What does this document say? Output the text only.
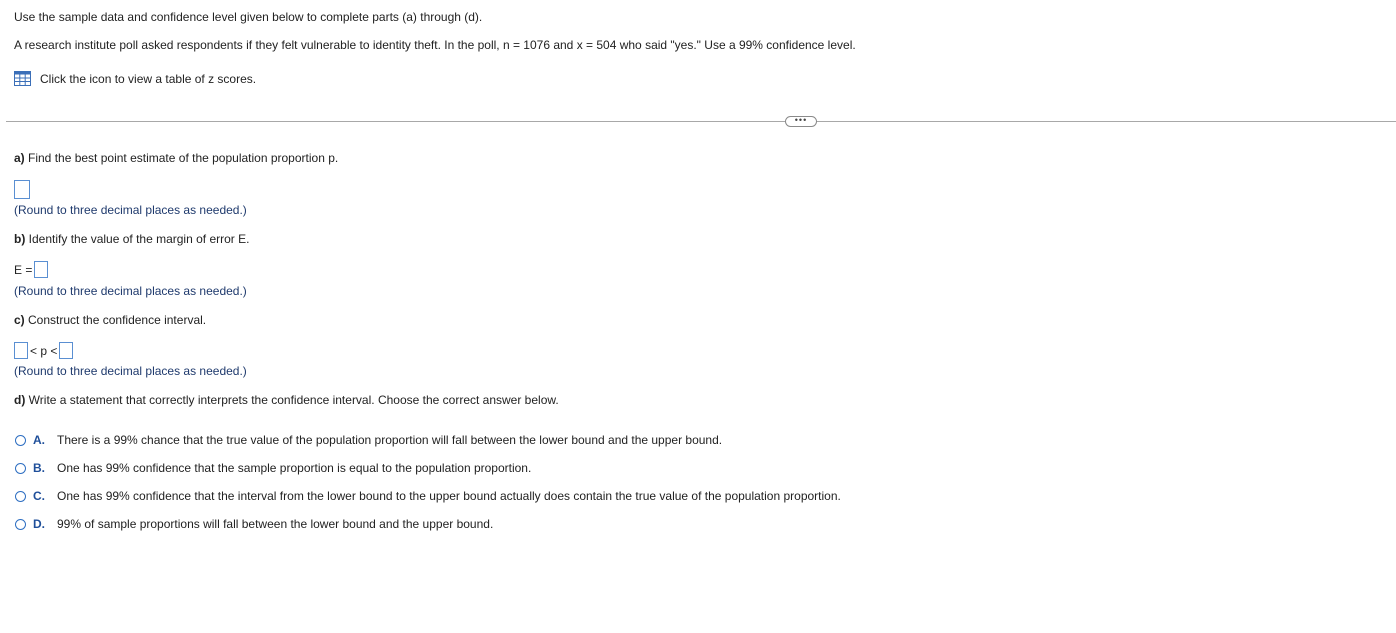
Use the sample data and confidence level given below to complete parts (a) through (d).
A research institute poll asked respondents if they felt vulnerable to identity theft. In the poll, n = 1076 and x = 504 who said "yes." Use a 99% confidence level.
Click the icon to view a table of z scores.
•••
a) Find the best point estimate of the population proportion p.
(Round to three decimal places as needed.)
b) Identify the value of the margin of error E.
E =
(Round to three decimal places as needed.)
c) Construct the confidence interval.
< p <
(Round to three decimal places as needed.)
d) Write a statement that correctly interprets the confidence interval. Choose the correct answer below.
A.	There is a 99% chance that the true value of the population proportion will fall between the lower bound and the upper bound.
B.	One has 99% confidence that the sample proportion is equal to the population proportion.
C.	One has 99% confidence that the interval from the lower bound to the upper bound actually does contain the true value of the population proportion.
D.	99% of sample proportions will fall between the lower bound and the upper bound.
